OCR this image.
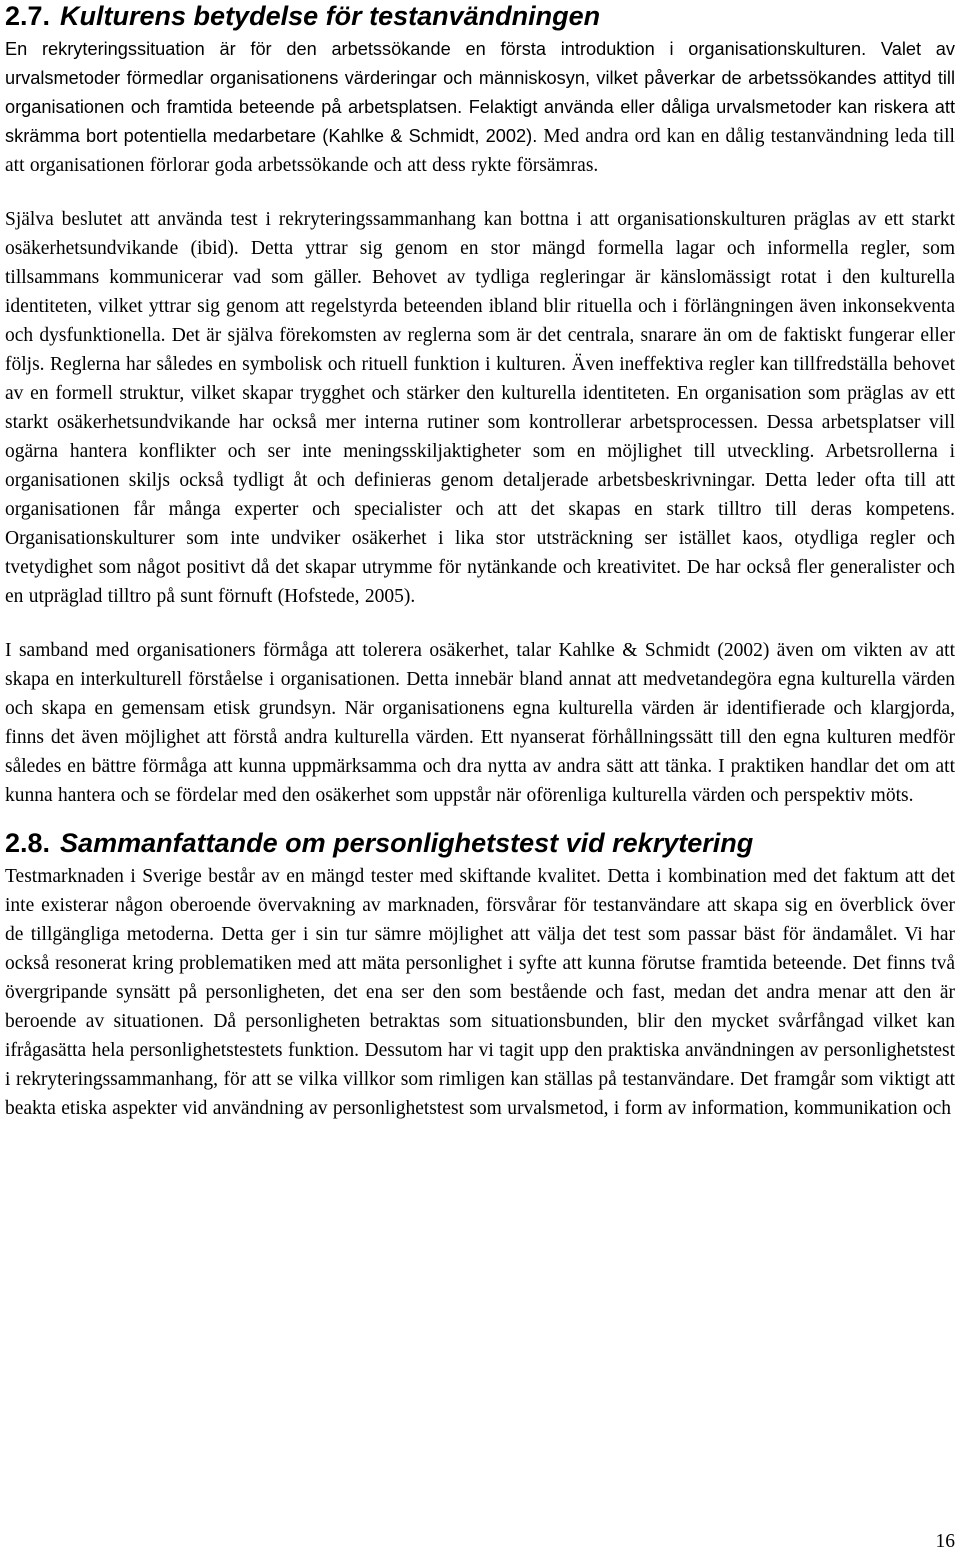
2.7. Kulturens betydelse för testanvändningen

En rekryteringssituation är för den arbetssökande en första introduktion i organisationskulturen. Valet av urvalsmetoder förmedlar organisationens värderingar och människosyn, vilket påverkar de arbetssökandes attityd till organisationen och framtida beteende på arbetsplatsen. Felaktigt använda eller dåliga urvalsmetoder kan riskera att skrämma bort potentiella medarbetare (Kahlke & Schmidt, 2002). Med andra ord kan en dålig testanvändning leda till att organisationen förlorar goda arbetssökande och att dess rykte försämras.

Själva beslutet att använda test i rekryteringssammanhang kan bottna i att organisationskulturen präglas av ett starkt osäkerhetsundvikande (ibid). Detta yttrar sig genom en stor mängd formella lagar och informella regler, som tillsammans kommunicerar vad som gäller. Behovet av tydliga regleringar är känslomässigt rotat i den kulturella identiteten, vilket yttrar sig genom att regelstyrda beteenden ibland blir rituella och i förlängningen även inkonsekventa och dysfunktionella. Det är själva förekomsten av reglerna som är det centrala, snarare än om de faktiskt fungerar eller följs. Reglerna har således en symbolisk och rituell funktion i kulturen. Även ineffektiva regler kan tillfredställa behovet av en formell struktur, vilket skapar trygghet och stärker den kulturella identiteten. En organisation som präglas av ett starkt osäkerhetsundvikande har också mer interna rutiner som kontrollerar arbetsprocessen. Dessa arbetsplatser vill ogärna hantera konflikter och ser inte meningsskiljaktigheter som en möjlighet till utveckling. Arbetsrollerna i organisationen skiljs också tydligt åt och definieras genom detaljerade arbetsbeskrivningar. Detta leder ofta till att organisationen får många experter och specialister och att det skapas en stark tilltro till deras kompetens. Organisationskulturer som inte undviker osäkerhet i lika stor utsträckning ser istället kaos, otydliga regler och tvetydighet som något positivt då det skapar utrymme för nytänkande och kreativitet. De har också fler generalister och en utpräglad tilltro på sunt förnuft (Hofstede, 2005).

I samband med organisationers förmåga att tolerera osäkerhet, talar Kahlke & Schmidt (2002) även om vikten av att skapa en interkulturell förståelse i organisationen. Detta innebär bland annat att medvetandegöra egna kulturella värden och skapa en gemensam etisk grundsyn. När organisationens egna kulturella värden är identifierade och klargjorda, finns det även möjlighet att förstå andra kulturella värden. Ett nyanserat förhållningssätt till den egna kulturen medför således en bättre förmåga att kunna uppmärksamma och dra nytta av andra sätt att tänka. I praktiken handlar det om att kunna hantera och se fördelar med den osäkerhet som uppstår när oförenliga kulturella värden och perspektiv möts.

2.8. Sammanfattande om personlighetstest vid rekrytering

Testmarknaden i Sverige består av en mängd tester med skiftande kvalitet. Detta i kombination med det faktum att det inte existerar någon oberoende övervakning av marknaden, försvårar för testanvändare att skapa sig en överblick över de tillgängliga metoderna. Detta ger i sin tur sämre möjlighet att välja det test som passar bäst för ändamålet. Vi har också resonerat kring problematiken med att mäta personlighet i syfte att kunna förutse framtida beteende. Det finns två övergripande synsätt på personligheten, det ena ser den som bestående och fast, medan det andra menar att den är beroende av situationen. Då personligheten betraktas som situationsbunden, blir den mycket svårfångad vilket kan ifrågasätta hela personlighetstestets funktion. Dessutom har vi tagit upp den praktiska användningen av personlighetstest i rekryteringssammanhang, för att se vilka villkor som rimligen kan ställas på testanvändare. Det framgår som viktigt att beakta etiska aspekter vid användning av personlighetstest som urvalsmetod, i form av information, kommunikation och

16
